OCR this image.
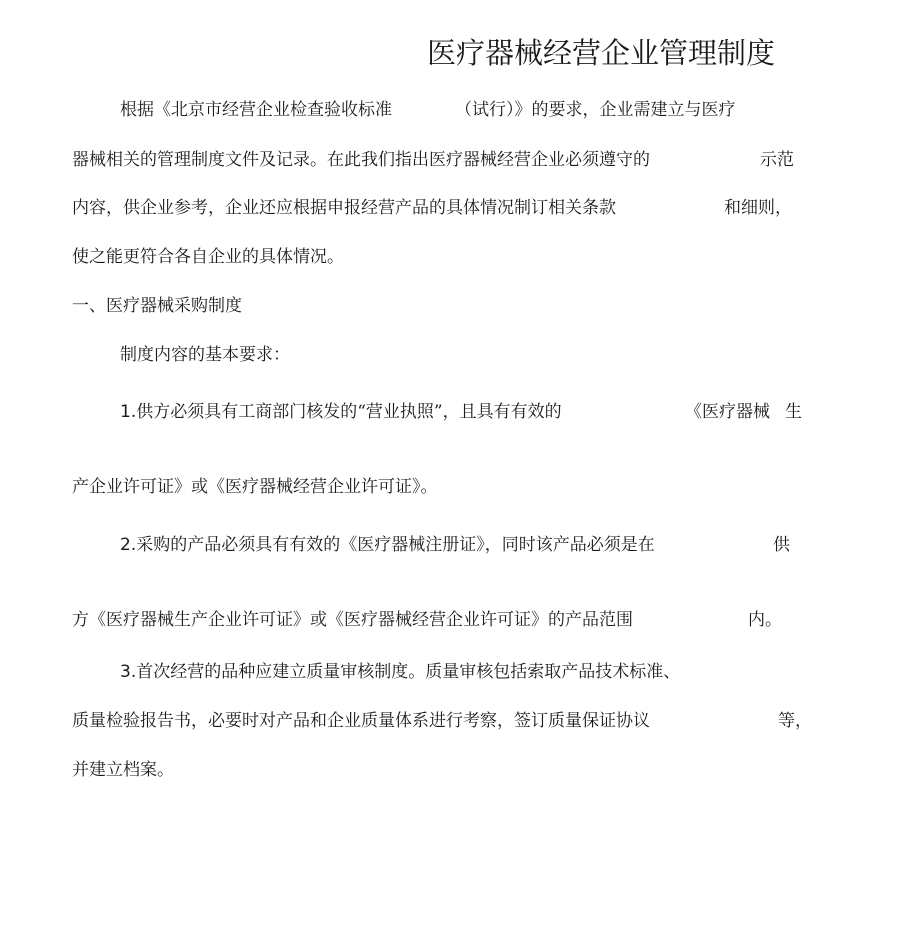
医疗器械经营企业管理制度
根据《北京市经营企业检查验收标准	（试行）》的要求，企业需建立与医疗
器械相关的管理制度文件及记录。在此我们指出医疗器械经营企业必须遵守的	示范
内容，供企业参考，企业还应根据申报经营产品的具体情况制订相关条款	和细则，
使之能更符合各自企业的具体情况。
一、医疗器械采购制度
制度内容的基本要求：
1.供方必须具有工商部门核发的“营业执照”，且具有有效的	《医疗器械 生
产企业许可证》或《医疗器械经营企业许可证》。
2.采购的产品必须具有有效的《医疗器械注册证》，同时该产品必须是在	供
方《医疗器械生产企业许可证》或《医疗器械经营企业许可证》的产品范围	内。
3.首次经营的品种应建立质量审核制度。质量审核包括索取产品技术标准、
质量检验报告书，必要时对产品和企业质量体系进行考察，签订质量保证协议	等，
并建立档案。
